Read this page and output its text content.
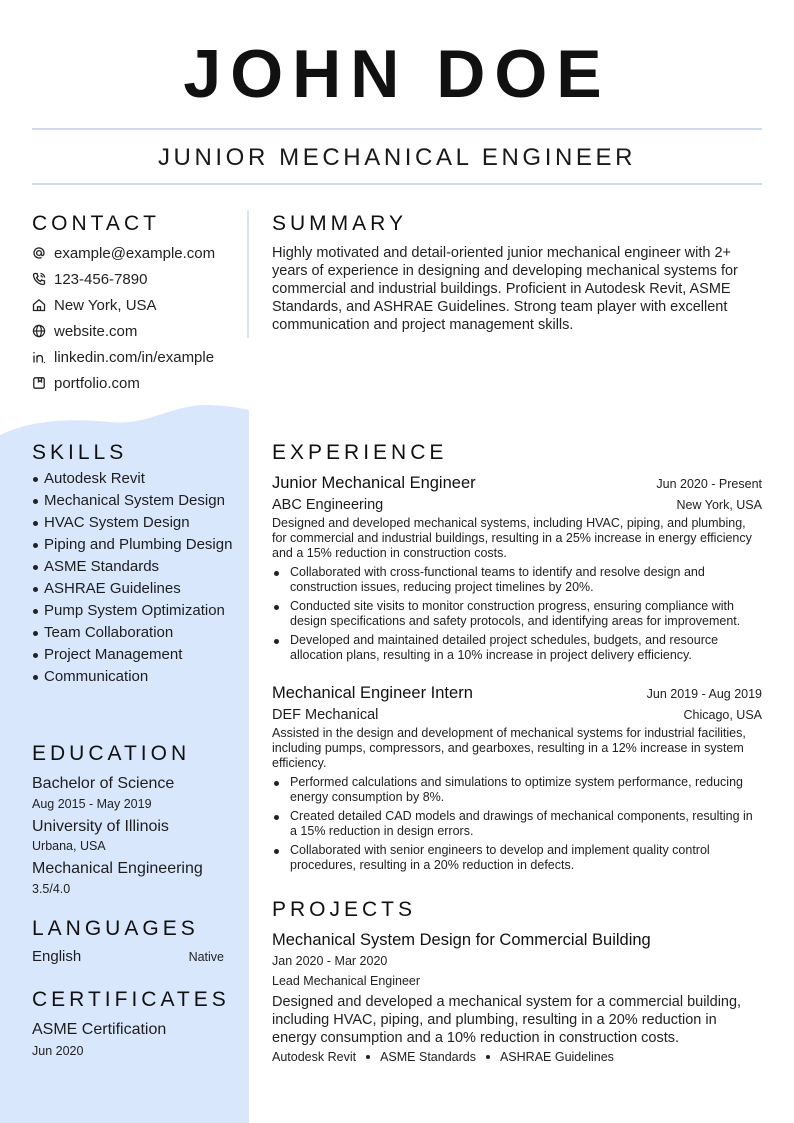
JOHN DOE
JUNIOR MECHANICAL ENGINEER
CONTACT
example@example.com
123-456-7890
New York, USA
website.com
linkedin.com/in/example
portfolio.com
SUMMARY
Highly motivated and detail-oriented junior mechanical engineer with 2+ years of experience in designing and developing mechanical systems for commercial and industrial buildings. Proficient in Autodesk Revit, ASME Standards, and ASHRAE Guidelines. Strong team player with excellent communication and project management skills.
SKILLS
Autodesk Revit
Mechanical System Design
HVAC System Design
Piping and Plumbing Design
ASME Standards
ASHRAE Guidelines
Pump System Optimization
Team Collaboration
Project Management
Communication
EDUCATION
Bachelor of Science
Aug 2015 - May 2019
University of Illinois
Urbana, USA
Mechanical Engineering
3.5/4.0
LANGUAGES
English	Native
CERTIFICATES
ASME Certification
Jun 2020
EXPERIENCE
Junior Mechanical Engineer	Jun 2020 - Present
ABC Engineering	New York, USA
Designed and developed mechanical systems, including HVAC, piping, and plumbing, for commercial and industrial buildings, resulting in a 25% increase in energy efficiency and a 15% reduction in construction costs.
Collaborated with cross-functional teams to identify and resolve design and construction issues, reducing project timelines by 20%.
Conducted site visits to monitor construction progress, ensuring compliance with design specifications and safety protocols, and identifying areas for improvement.
Developed and maintained detailed project schedules, budgets, and resource allocation plans, resulting in a 10% increase in project delivery efficiency.
Mechanical Engineer Intern	Jun 2019 - Aug 2019
DEF Mechanical	Chicago, USA
Assisted in the design and development of mechanical systems for industrial facilities, including pumps, compressors, and gearboxes, resulting in a 12% increase in system efficiency.
Performed calculations and simulations to optimize system performance, reducing energy consumption by 8%.
Created detailed CAD models and drawings of mechanical components, resulting in a 15% reduction in design errors.
Collaborated with senior engineers to develop and implement quality control procedures, resulting in a 20% reduction in defects.
PROJECTS
Mechanical System Design for Commercial Building
Jan 2020 - Mar 2020
Lead Mechanical Engineer
Designed and developed a mechanical system for a commercial building, including HVAC, piping, and plumbing, resulting in a 20% reduction in energy consumption and a 10% reduction in construction costs.
Autodesk Revit ASME Standards ASHRAE Guidelines
